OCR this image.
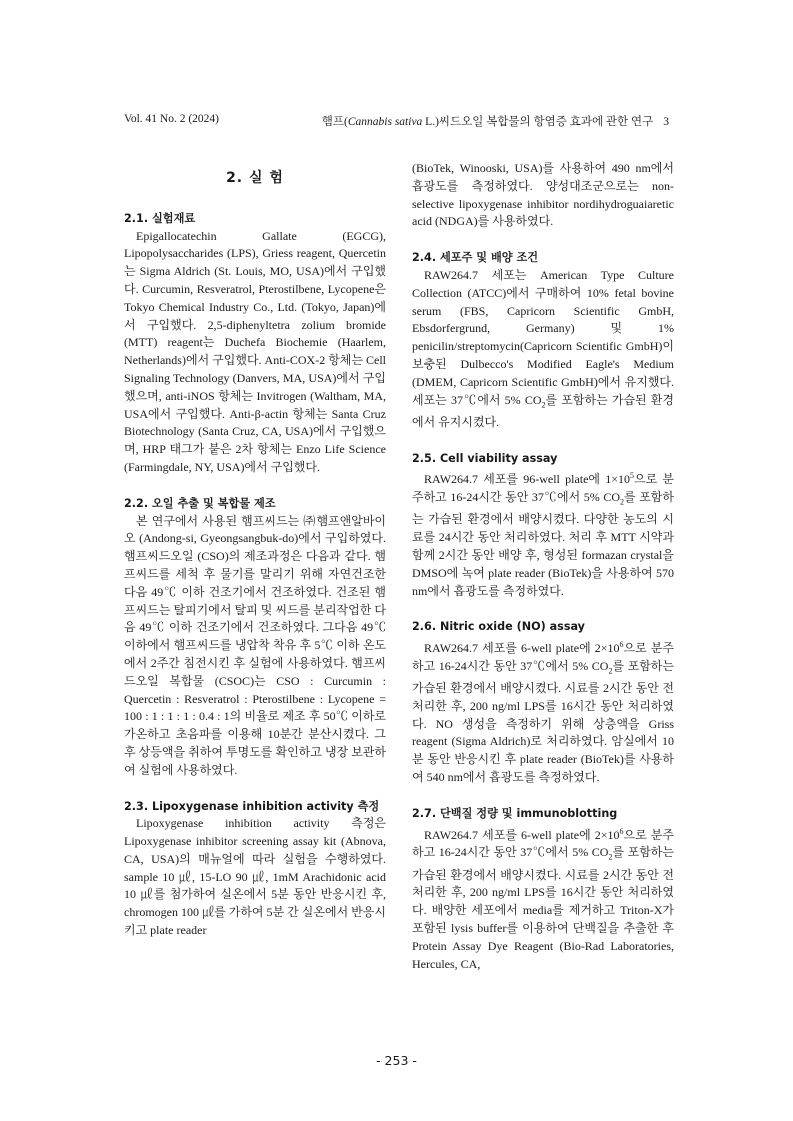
Vol. 41 No. 2 (2024)	햄프(Cannabis sativa L.)씨드오일 복합물의 항염증 효과에 관한 연구 3
2. 실 험
2.1. 실험재료

Epigallocatechin Gallate (EGCG), Lipopolysaccharides (LPS), Griess reagent, Quercetin는 Sigma Aldrich (St. Louis, MO, USA)에서 구입했다. Curcumin, Resveratrol, Pterostilbene, Lycopene은 Tokyo Chemical Industry Co., Ltd. (Tokyo, Japan)에서 구입했다. 2,5-diphenyltetra zolium bromide (MTT) reagent는 Duchefa Biochemie (Haarlem, Netherlands)에서 구입했다. Anti-COX-2 항체는 Cell Signaling Technology (Danvers, MA, USA)에서 구입했으며, anti-iNOS 항체는 Invitrogen (Waltham, MA, USA에서 구입했다. Anti-β-actin 항체는 Santa Cruz Biotechnology (Santa Cruz, CA, USA)에서 구입했으며, HRP 태그가 붙은 2차 항체는 Enzo Life Science (Farmingdale, NY, USA)에서 구입했다.

2.2. 오일 추출 및 복합물 제조

본 연구에서 사용된 햄프씨드는 ㈜햄프앤알바이오 (Andong-si, Gyeongsangbuk-do)에서 구입하였다. 햄프씨드오일 (CSO)의 제조과정은 다음과 같다. 햄프씨드를 세척 후 물기를 말리기 위해 자연건조한 다음 49℃ 이하 건조기에서 건조하였다. 건조된 햄프씨드는 탈피기에서 탈피 및 씨드를 분리작업한 다음 49℃ 이하 건조기에서 건조하였다. 그다음 49℃ 이하에서 햄프씨드를 냉압착 착유 후 5℃ 이하 온도에서 2주간 침전시킨 후 실험에 사용하였다. 햄프씨드오일 복합물 (CSOC)는 CSO : Curcumin : Quercetin : Resveratrol : Pterostilbene : Lycopene = 100 : 1 : 1 : 1 : 0.4 : 1의 비율로 제조 후 50℃ 이하로 가온하고 초음파를 이용해 10분간 분산시켰다. 그 후 상등액을 취하여 투명도를 확인하고 냉장 보관하여 실험에 사용하였다.

2.3. Lipoxygenase inhibition activity 측정

Lipoxygenase inhibition activity 측정은 Lipoxygenase inhibitor screening assay kit (Abnova, CA, USA)의 매뉴얼에 따라 실험을 수행하였다. sample 10 ㎕, 15-LO 90 ㎕, 1mM Arachidonic acid 10 ㎕를 첨가하여 실온에서 5분 동안 반응시킨 후, chromogen 100 ㎕를 가하여 5분 간 실온에서 반응시키고 plate reader

(BioTek, Winooski, USA)를 사용하여 490 nm에서 흡광도를 측정하였다. 양성대조군으로는 non-selective lipoxygenase inhibitor nordihydroguaiaretic acid (NDGA)를 사용하였다.

2.4. 세포주 및 배양 조건

RAW264.7 세포는 American Type Culture Collection (ATCC)에서 구매하여 10% fetal bovine serum (FBS, Capricorn Scientific GmbH, Ebsdorfergrund, Germany) 및 1% penicilin/streptomycin(Capricorn Scientific GmbH)이 보충된 Dulbecco's Modified Eagle's Medium (DMEM, Capricorn Scientific GmbH)에서 유지했다. 세포는 37℃에서 5% $CO_2$를 포함하는 가습된 환경에서 유지시켰다.

2.5. Cell viability assay

RAW264.7 세포를 96-well plate에 $1\times 10^5$으로 분주하고 16-24시간 동안 37℃에서 5% $CO_2$를 포함하는 가습된 환경에서 배양시켰다. 다양한 농도의 시료를 24시간 동안 처리하였다. 처리 후 MTT 시약과 함께 2시간 동안 배양 후, 형성된 formazan crystal을 DMSO에 녹여 plate reader (BioTek)을 사용하여 570 nm에서 흡광도를 측정하였다.

2.6. Nitric oxide (NO) assay

RAW264.7 세포를 6-well plate에 $2\times 10^6$으로 분주하고 16-24시간 동안 37℃에서 5% $CO_2$를 포함하는 가습된 환경에서 배양시켰다. 시료를 2시간 동안 전처리한 후, 200 ng/ml LPS를 16시간 동안 처리하였다. NO 생성을 측정하기 위해 상층액을 Griss reagent (Sigma Aldrich)로 처리하였다. 암실에서 10분 동안 반응시킨 후 plate reader (BioTek)를 사용하여 540 nm에서 흡광도를 측정하였다.

2.7. 단백질 정량 및 immunoblotting

RAW264.7 세포를 6-well plate에 $2\times 10^6$으로 분주하고 16-24시간 동안 37℃에서 5% $CO_2$를 포함하는 가습된 환경에서 배양시켰다. 시료를 2시간 동안 전처리한 후, 200 ng/ml LPS를 16시간 동안 처리하였다. 배양한 세포에서 media를 제거하고 Triton-X가 포함된 lysis buffer를 이용하여 단백질을 추출한 후 Protein Assay Dye Reagent (Bio-Rad Laboratories, Hercules, CA,

- 253 -
